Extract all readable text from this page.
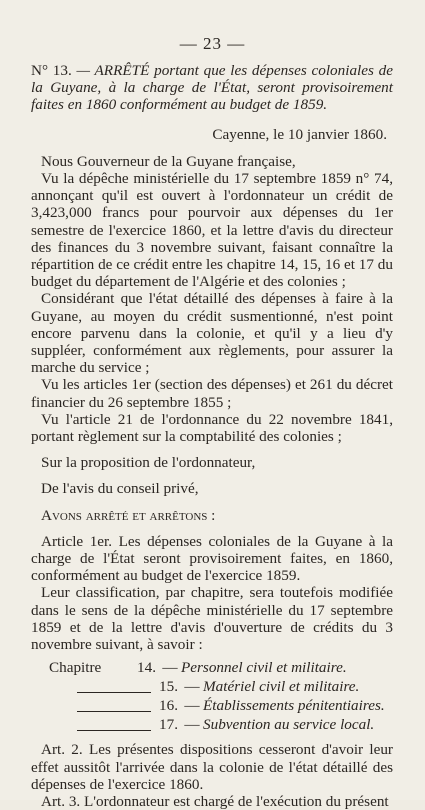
— 23 —

N° 13. — ARRÊTÉ portant que les dépenses coloniales de la Guyane, à la charge de l'État, seront provisoirement faites en 1860 conformément au budget de 1859.

Cayenne, le 10 janvier 1860.

Nous Gouverneur de la Guyane française,

Vu la dépêche ministérielle du 17 septembre 1859 n° 74, annonçant qu'il est ouvert à l'ordonnateur un crédit de 3,423,000 francs pour pourvoir aux dépenses du 1er semestre de l'exercice 1860, et la lettre d'avis du directeur des finances du 3 novembre suivant, faisant connaître la répartition de ce crédit entre les chapitre 14, 15, 16 et 17 du budget du département de l'Algérie et des colonies ;

Considérant que l'état détaillé des dépenses à faire à la Guyane, au moyen du crédit susmentionné, n'est point encore parvenu dans la colonie, et qu'il y a lieu d'y suppléer, conformément aux règlements, pour assurer la marche du service ;

Vu les articles 1er (section des dépenses) et 261 du décret financier du 26 septembre 1855 ;

Vu l'article 21 de l'ordonnance du 22 novembre 1841, portant règlement sur la comptabilité des colonies ;

Sur la proposition de l'ordonnateur,

De l'avis du conseil privé,

Avons arrêté et arrêtons :

Article 1er. Les dépenses coloniales de la Guyane à la charge de l'État seront provisoirement faites, en 1860, conformément au budget de l'exercice 1859.

Leur classification, par chapitre, sera toutefois modifiée dans le sens de la dépêche ministérielle du 17 septembre 1859 et de la lettre d'avis d'ouverture de crédits du 3 novembre suivant, à savoir :

Chapitre	14. — Personnel civil et militaire.
15. — Matériel civil et militaire.
16. — Établissements pénitentiaires.
17. — Subvention au service local.

Art. 2. Les présentes dispositions cesseront d'avoir leur effet aussitôt l'arrivée dans la colonie de l'état détaillé des dépenses de l'exercice 1860.

Art. 3. L'ordonnateur est chargé de l'exécution du présent
